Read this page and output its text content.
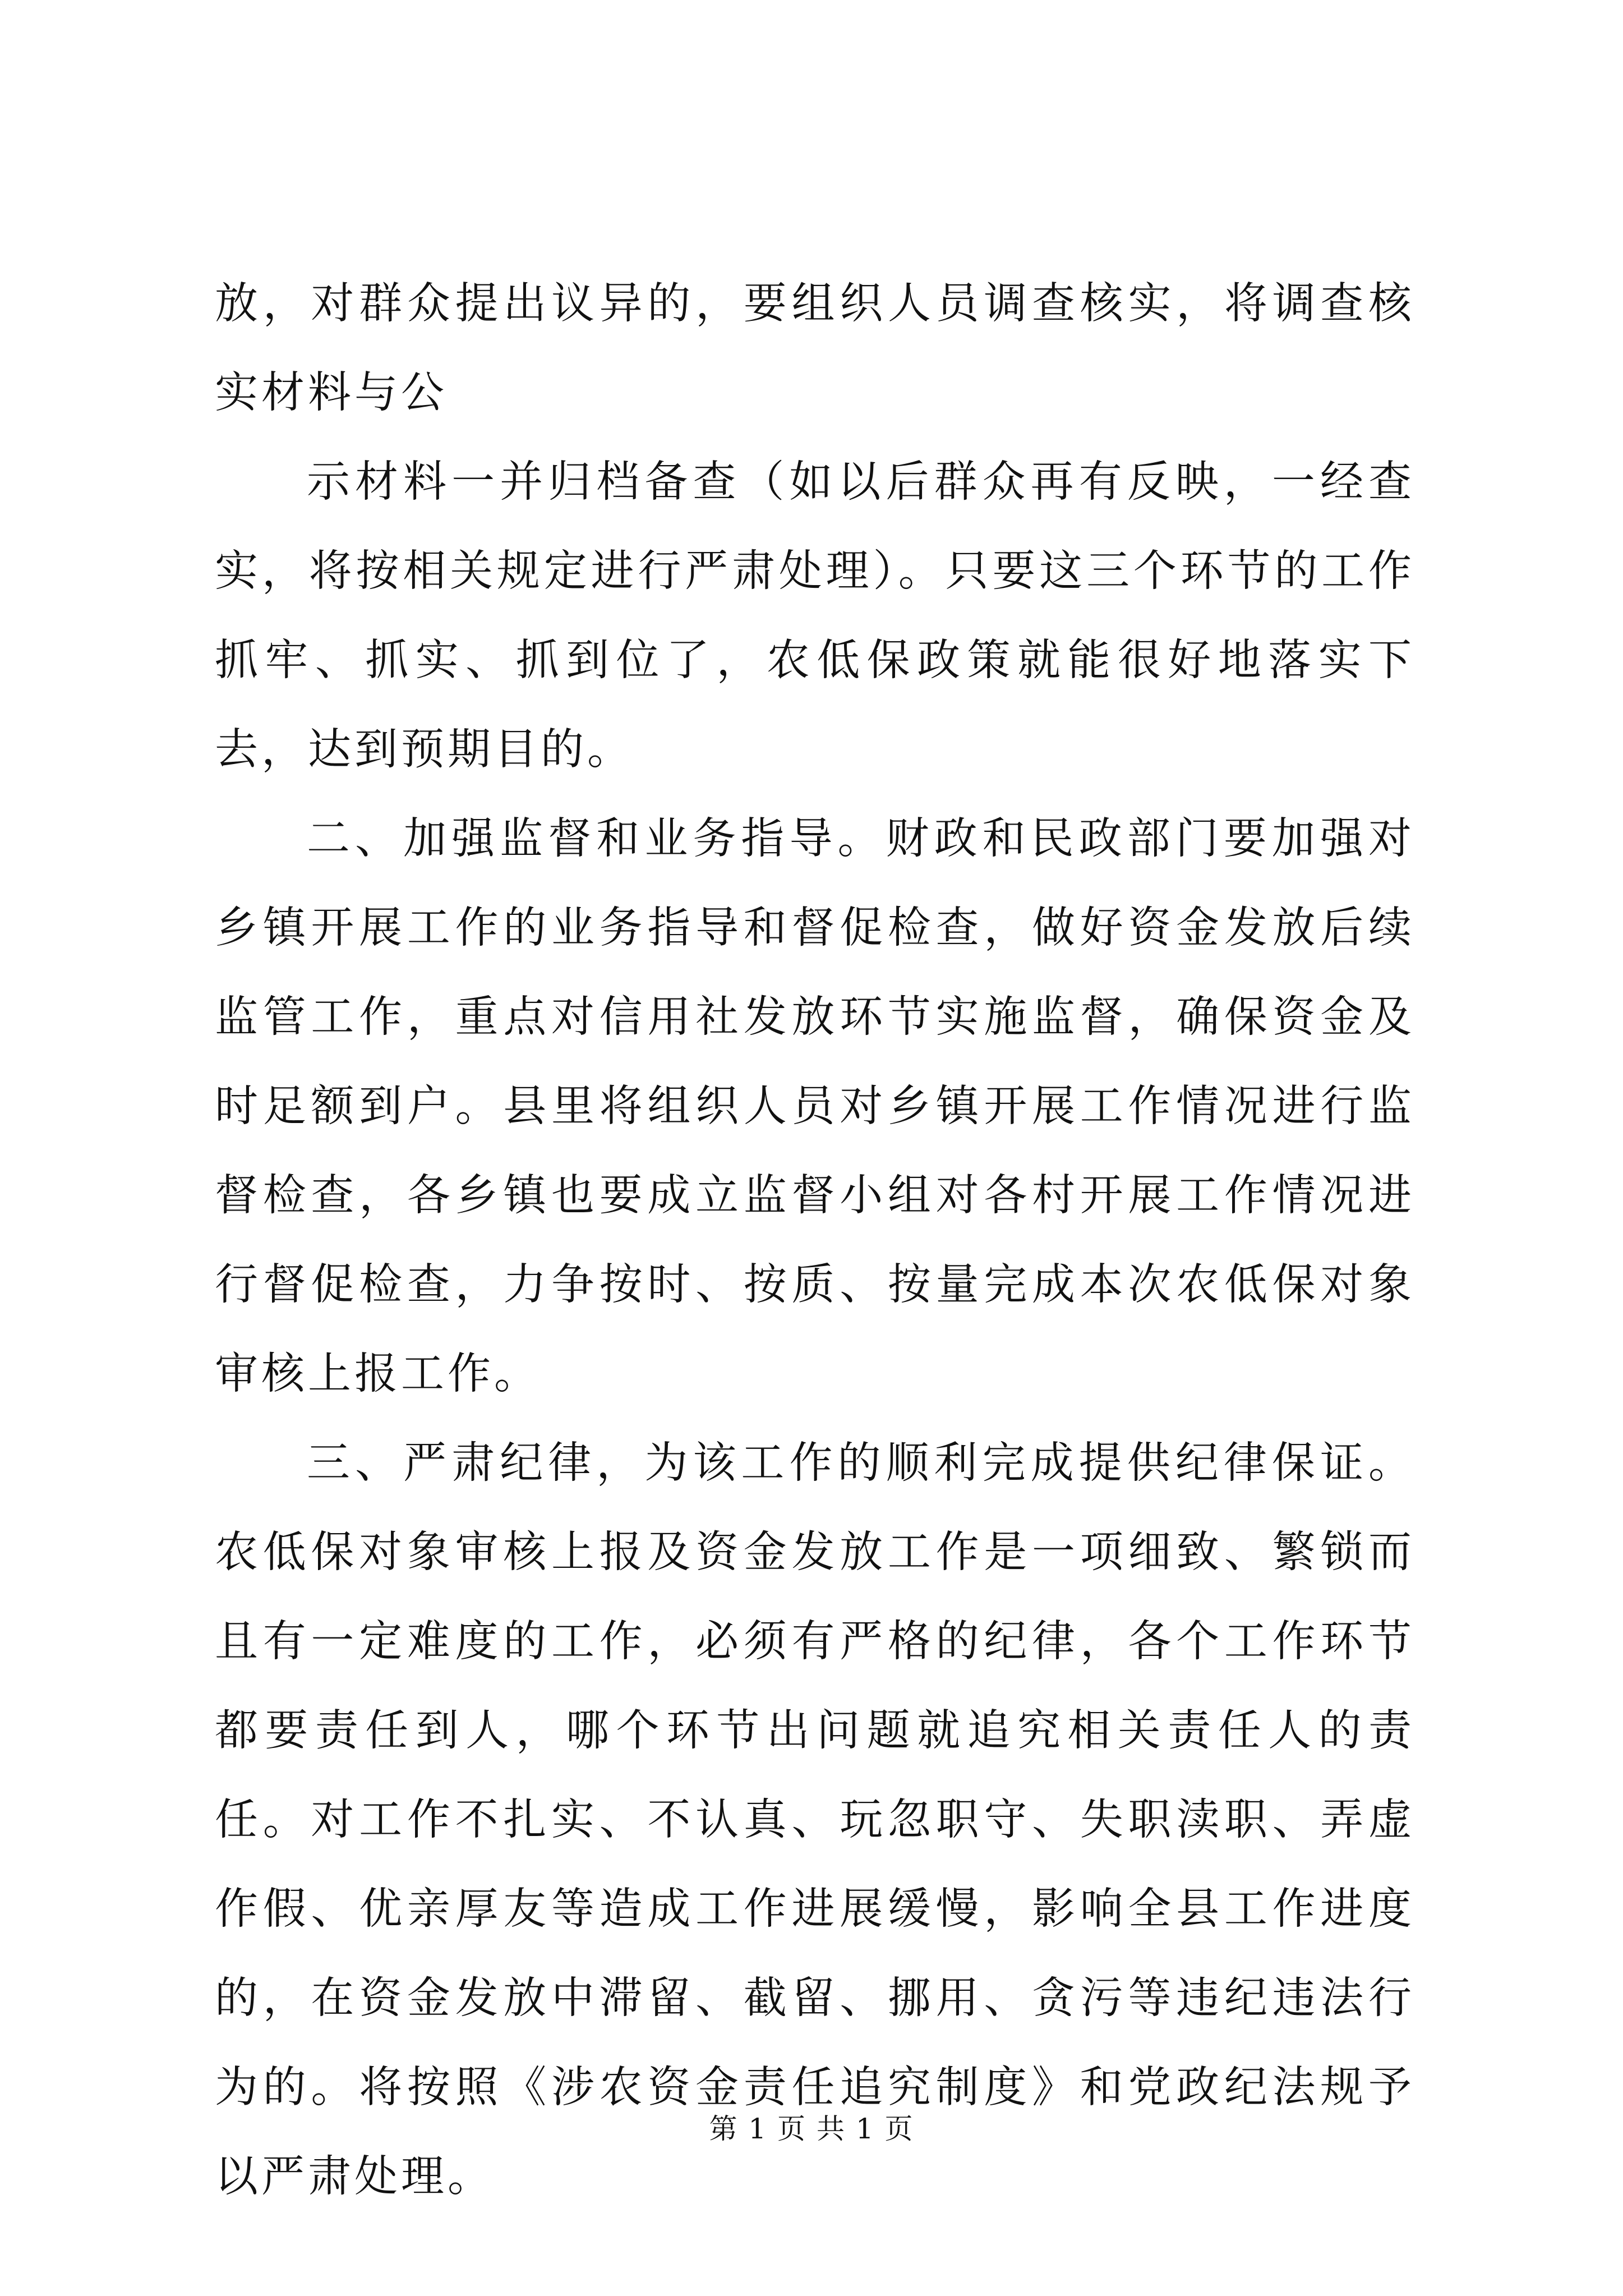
放，对群众提出议异的，要组织人员调查核实，将调查核实材料与公

示材料一并归档备查（如以后群众再有反映，一经查实，将按相关规定进行严肃处理）。只要这三个环节的工作抓牢、抓实、抓到位了，农低保政策就能很好地落实下去，达到预期目的。

二、加强监督和业务指导。财政和民政部门要加强对乡镇开展工作的业务指导和督促检查，做好资金发放后续监管工作，重点对信用社发放环节实施监督，确保资金及时足额到户。县里将组织人员对乡镇开展工作情况进行监督检查，各乡镇也要成立监督小组对各村开展工作情况进行督促检查，力争按时、按质、按量完成本次农低保对象审核上报工作。

三、严肃纪律，为该工作的顺利完成提供纪律保证。农低保对象审核上报及资金发放工作是一项细致、繁锁而且有一定难度的工作，必须有严格的纪律，各个工作环节都要责任到人，哪个环节出问题就追究相关责任人的责任。对工作不扎实、不认真、玩忽职守、失职渎职、弄虚作假、优亲厚友等造成工作进展缓慢，影响全县工作进度的，在资金发放中滞留、截留、挪用、贪污等违纪违法行为的。将按照《涉农资金责任追究制度》和党政纪法规予以严肃处理。

第 1 页 共 1 页
